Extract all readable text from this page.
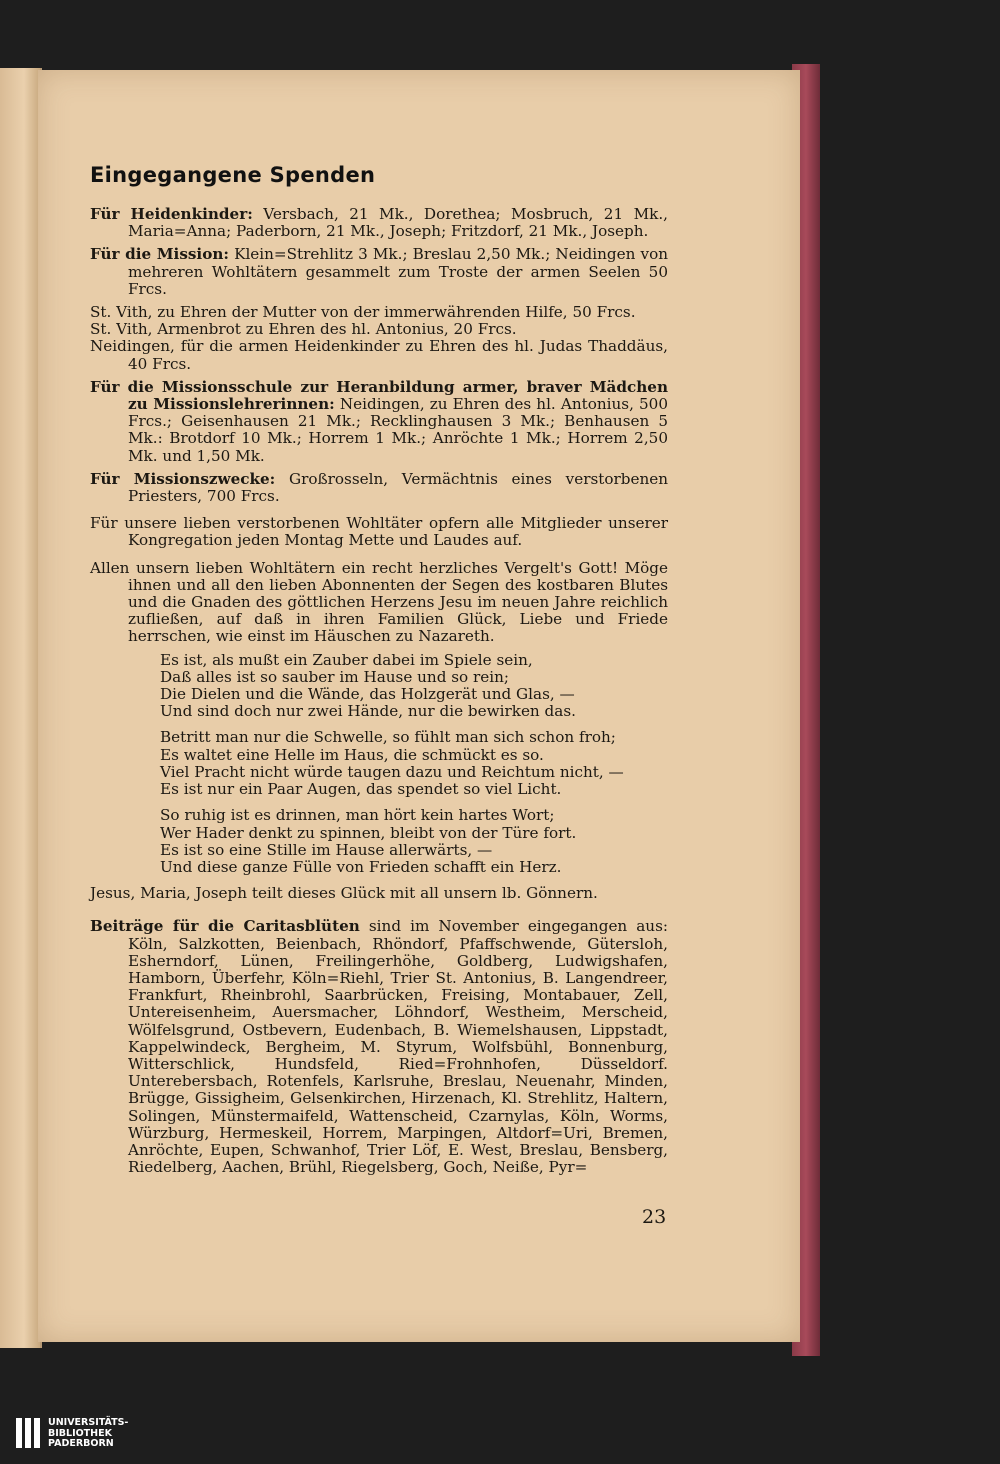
Eingegangene Spenden

Für Heidenkinder: Versbach, 21 Mk., Dorethea; Mosbruch, 21 Mk., Maria=Anna; Paderborn, 21 Mk., Joseph; Fritzdorf, 21 Mk., Joseph.

Für die Mission: Klein=Strehlitz 3 Mk.; Breslau 2,50 Mk.; Neidingen von mehreren Wohltätern gesammelt zum Troste der armen Seelen 50 Frcs.

St. Vith, zu Ehren der Mutter von der immerwährenden Hilfe, 50 Frcs.

St. Vith, Armenbrot zu Ehren des hl. Antonius, 20 Frcs.

Neidingen, für die armen Heidenkinder zu Ehren des hl. Judas Thaddäus, 40 Frcs.

Für die Missionsschule zur Heranbildung armer, braver Mädchen zu Missionslehrerinnen: Neidingen, zu Ehren des hl. Antonius, 500 Frcs.; Geisenhausen 21 Mk.; Recklinghausen 3 Mk.; Benhausen 5 Mk.: Brotdorf 10 Mk.; Horrem 1 Mk.; Anröchte 1 Mk.; Horrem 2,50 Mk. und 1,50 Mk.

Für Missionszwecke: Großrosseln, Vermächtnis eines verstorbenen Priesters, 700 Frcs.

Für unsere lieben verstorbenen Wohltäter opfern alle Mitglieder unserer Kongregation jeden Montag Mette und Laudes auf.

Allen unsern lieben Wohltätern ein recht herzliches Vergelt's Gott! Möge ihnen und all den lieben Abonnenten der Segen des kostbaren Blutes und die Gnaden des göttlichen Herzens Jesu im neuen Jahre reichlich zufließen, auf daß in ihren Familien Glück, Liebe und Friede herrschen, wie einst im Häuschen zu Nazareth.

Es ist, als mußt ein Zauber dabei im Spiele sein,
Daß alles ist so sauber im Hause und so rein;
Die Dielen und die Wände, das Holzgerät und Glas, —
Und sind doch nur zwei Hände, nur die bewirken das.
Betritt man nur die Schwelle, so fühlt man sich schon froh;
Es waltet eine Helle im Haus, die schmückt es so.
Viel Pracht nicht würde taugen dazu und Reichtum nicht, —
Es ist nur ein Paar Augen, das spendet so viel Licht.
So ruhig ist es drinnen, man hört kein hartes Wort;
Wer Hader denkt zu spinnen, bleibt von der Türe fort.
Es ist so eine Stille im Hause allerwärts, —
Und diese ganze Fülle von Frieden schafft ein Herz.

Jesus, Maria, Joseph teilt dieses Glück mit all unsern lb. Gönnern.

Beiträge für die Caritasblüten sind im November eingegangen aus: Köln, Salzkotten, Beienbach, Rhöndorf, Pfaffschwende, Gütersloh, Esherndorf, Lünen, Freilingerhöhe, Goldberg, Ludwigshafen, Hamborn, Überfehr, Köln=Riehl, Trier St. Antonius, B. Langendreer, Frankfurt, Rheinbrohl, Saarbrücken, Freising, Montabauer, Zell, Untereisenheim, Auersmacher, Löhndorf, Westheim, Merscheid, Wölfelsgrund, Ostbevern, Eudenbach, B. Wiemelshausen, Lippstadt, Kappelwindeck, Bergheim, M. Styrum, Wolfsbühl, Bonnenburg, Witterschlick, Hundsfeld, Ried=Frohnhofen, Düsseldorf. Unterebersbach, Rotenfels, Karlsruhe, Breslau, Neuenahr, Minden, Brügge, Gissigheim, Gelsenkirchen, Hirzenach, Kl. Strehlitz, Haltern, Solingen, Münstermaifeld, Wattenscheid, Czarnylas, Köln, Worms, Würzburg, Hermeskeil, Horrem, Marpingen, Altdorf=Uri, Bremen, Anröchte, Eupen, Schwanhof, Trier Löf, E. West, Breslau, Bensberg, Riedelberg, Aachen, Brühl, Riegelsberg, Goch, Neiße, Pyr=

23
UNIVERSITÄTS-
BIBLIOTHEK
PADERBORN
